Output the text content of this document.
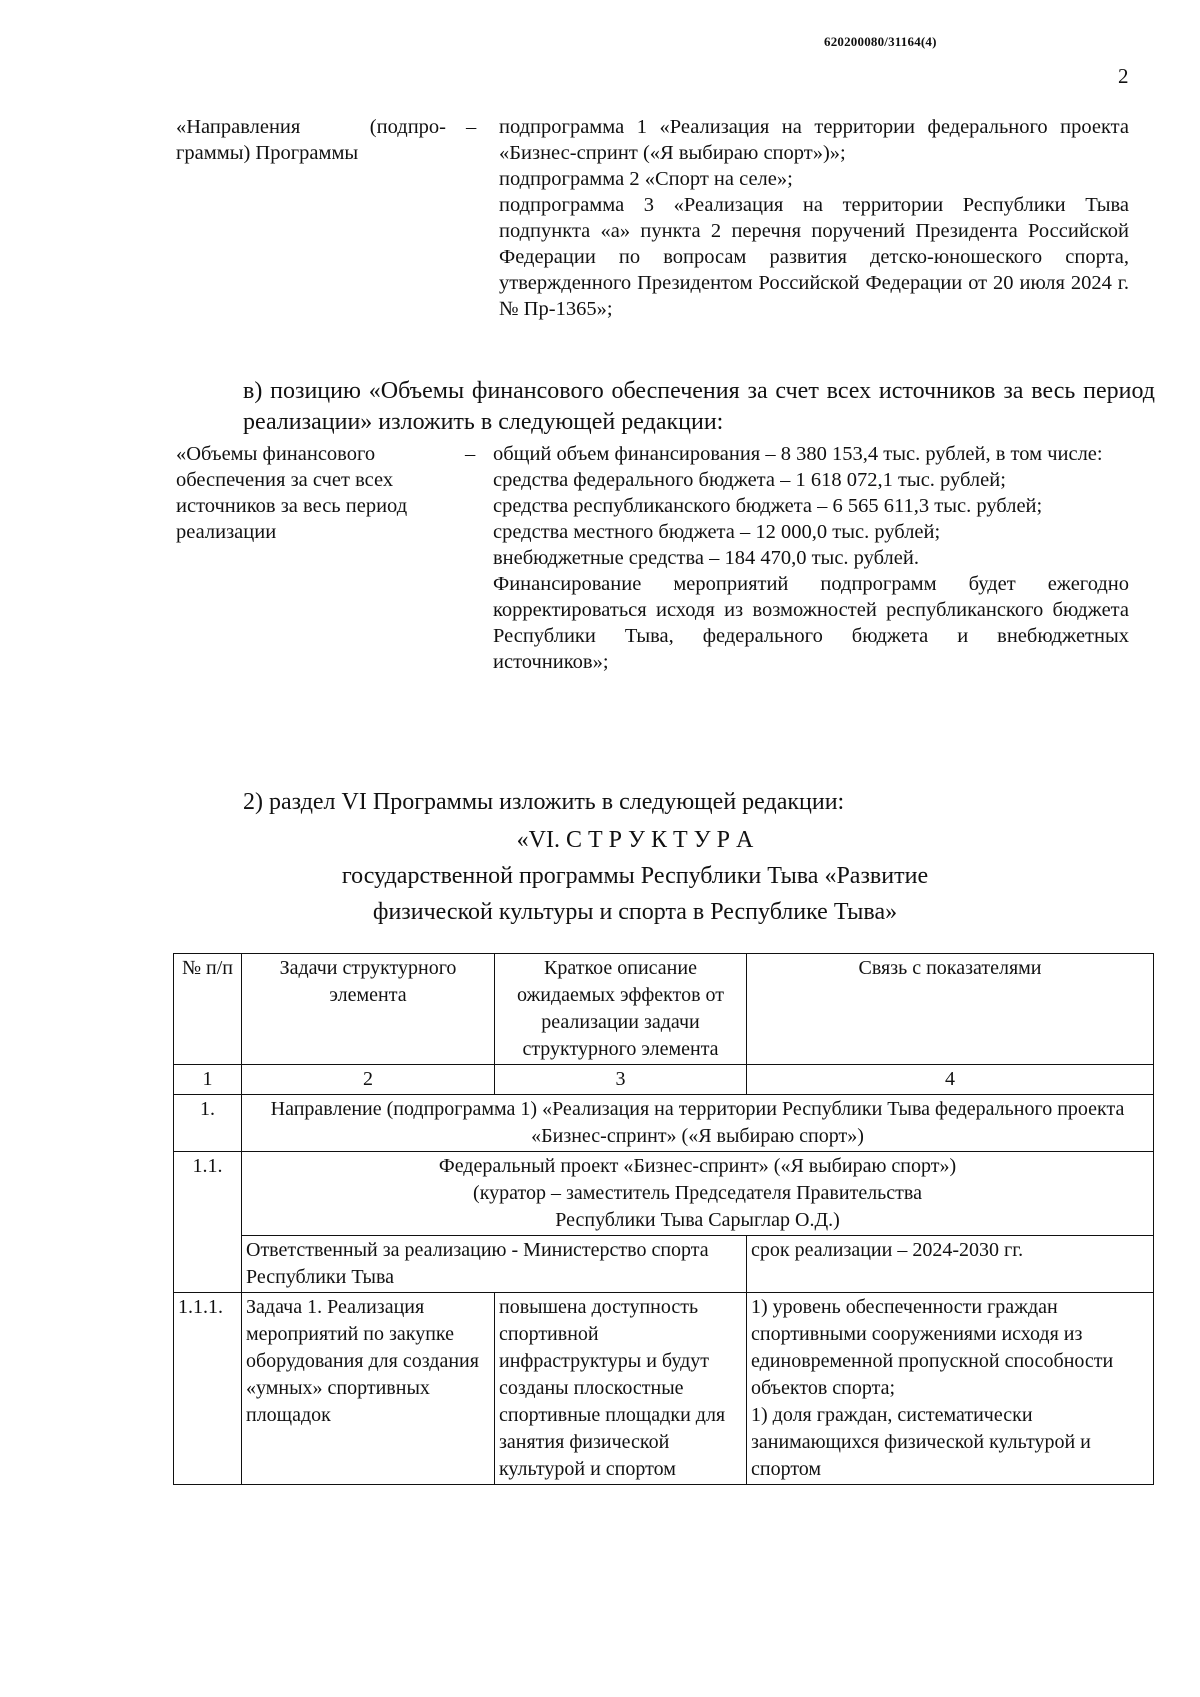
620200080/31164(4)
2
«Направления (подпро-граммы) Программы
– подпрограмма 1 «Реализация на территории федерального проекта «Бизнес-спринт («Я выбираю спорт»)»;

подпрограмма 2 «Спорт на селе»;

подпрограмма 3 «Реализация на территории Республики Тыва подпункта «а» пункта 2 перечня поручений Президента Российской Федерации по вопросам развития детско-юношеского спорта, утвержденного Президентом Российской Федерации от 20 июля 2024 г. № Пр-1365»;

в) позицию «Объемы финансового обеспечения за счет всех источников за весь период реализации» изложить в следующей редакции:
«Объемы финансового обеспечения за счет всех источников за весь период реализации
– общий объем финансирования – 8 380 153,4 тыс. рублей, в том числе:

средства федерального бюджета – 1 618 072,1 тыс. рублей;

средства республиканского бюджета – 6 565 611,3 тыс. рублей;

средства местного бюджета – 12 000,0 тыс. рублей;

внебюджетные средства – 184 470,0 тыс. рублей.

Финансирование мероприятий подпрограмм будет ежегодно корректироваться исходя из возможностей республиканского бюджета Республики Тыва, федерального бюджета и внебюджетных источников»;

2) раздел VI Программы изложить в следующей редакции:
«VI. С Т Р У К Т У Р А
государственной программы Республики Тыва «Развитие
физической культуры и спорта в Республике Тыва»
№ п/п	Задачи структурного элемента	Краткое описание ожидаемых эффектов от реализации задачи структурного элемента	Связь с показателями
1	2	3	4
1.	Направление (подпрограмма 1) «Реализация на территории Республики Тыва федерального проекта «Бизнес-спринт» («Я выбираю спорт»)		
1.1.	Федеральный проект «Бизнес-спринт» («Я выбираю спорт»)
(куратор – заместитель Председателя Правительства
Республики Тыва Сарыглар О.Д.)		

	Ответственный за реализацию - Министерство спорта Республики Тыва		срок реализации – 2024-2030 гг.
1.1.1.	Задача 1. Реализация мероприятий по закупке оборудования для создания «умных» спортивных площадок	повышена доступность спортивной инфраструктуры и будут созданы плоскостные спортивные площадки для занятия физической культурой и спортом	1) уровень обеспеченности граждан спортивными сооружениями исходя из единовременной пропускной способности объектов спорта;
1) доля граждан, систематически занимающихся физической культурой и спортом
